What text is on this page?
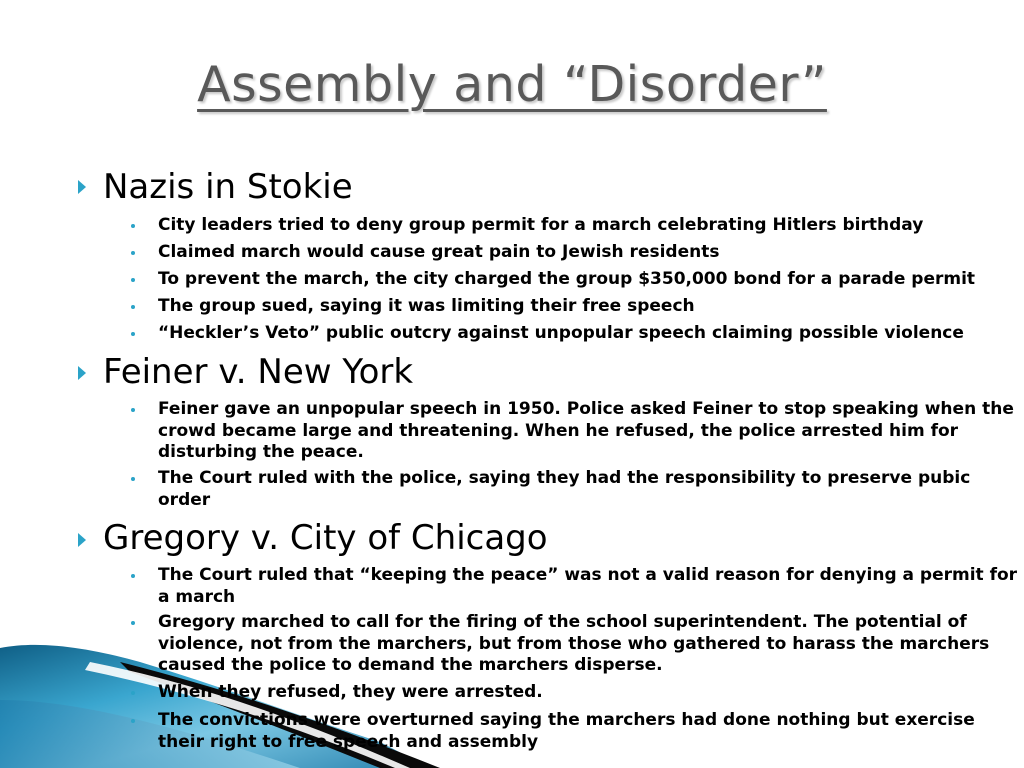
Assembly and “Disorder”
Nazis in Stokie
City leaders tried to deny group permit for a march celebrating Hitlers birthday
Claimed march would cause great pain to Jewish residents
To prevent the march, the city charged the group $350,000 bond for a parade permit
The group sued, saying it was limiting their free speech
“Heckler’s Veto” public outcry against unpopular speech claiming possible violence
Feiner v. New York
Feiner gave an unpopular speech in 1950. Police asked Feiner to stop speaking when the crowd became large and threatening. When he refused, the police arrested him for disturbing the peace.
The Court ruled with the police, saying they had the responsibility to preserve pubic order
Gregory v. City of Chicago
The Court ruled that “keeping the peace” was not a valid reason for denying a permit for a march
Gregory marched to call for the firing of the school superintendent. The potential of violence, not from the marchers, but from those who gathered to harass the marchers caused the police to demand the marchers disperse.
When they refused, they were arrested.
The convictions were overturned saying the marchers had done nothing but exercise their right to free speech and assembly
